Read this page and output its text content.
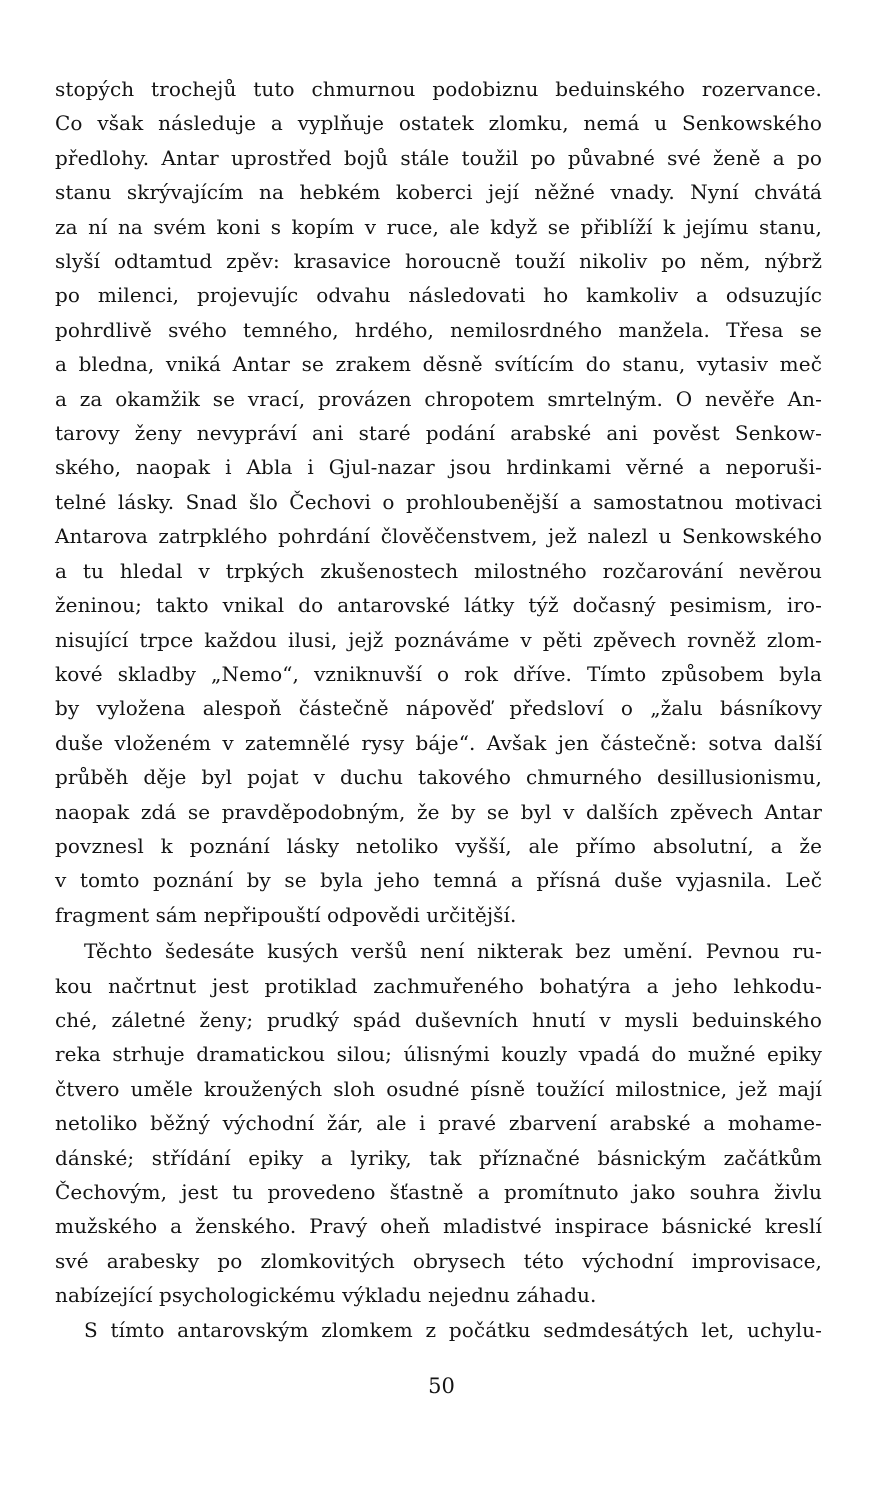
stopých trochejů tuto chmurnou podobiznu beduinského rozervance.

Co však následuje a vyplňuje ostatek zlomku, nemá u Senkowského

předlohy. Antar uprostřed bojů stále toužil po půvabné své ženě a po

stanu skrývajícím na hebkém koberci její něžné vnady. Nyní chvátá

za ní na svém koni s kopím v ruce, ale když se přiblíží k jejímu stanu,

slyší odtamtud zpěv: krasavice horoucně touží nikoliv po něm, nýbrž

po milenci, projevujíc odvahu následovati ho kamkoliv a odsuzujíc

pohrdlivě svého temného, hrdého, nemilosrdného manžela. Třesa se

a bledna, vniká Antar se zrakem děsně svítícím do stanu, vytasiv meč

a za okamžik se vrací, provázen chropotem smrtelným. O nevěře An-

tarovy ženy nevypráví ani staré podání arabské ani pověst Senkow-

ského, naopak i Abla i Gjul-nazar jsou hrdinkami věrné a neporuši-

telné lásky. Snad šlo Čechovi o prohloubenější a samostatnou motivaci

Antarova zatrpklého pohrdání člověčenstvem, jež nalezl u Senkowského

a tu hledal v trpkých zkušenostech milostného rozčarování nevěrou

ženinou; takto vnikal do antarovské látky týž dočasný pesimism, iro-

nisující trpce každou ilusi, jejž poznáváme v pěti zpěvech rovněž zlom-

kové skladby „Nemo“, vzniknuvší o rok dříve. Tímto způsobem byla

by vyložena alespoň částečně nápověď předsloví o „žalu básníkovy

duše vloženém v zatemnělé rysy báje“. Avšak jen částečně: sotva další

průběh děje byl pojat v duchu takového chmurného desillusionismu,

naopak zdá se pravděpodobným, že by se byl v dalších zpěvech Antar

povznesl k poznání lásky netoliko vyšší, ale přímo absolutní, a že

v tomto poznání by se byla jeho temná a přísná duše vyjasnila. Leč

fragment sám nepřipouští odpovědi určitější.

Těchto šedesáte kusých veršů není nikterak bez umění. Pevnou ru-

kou načrtnut jest protiklad zachmuřeného bohatýra a jeho lehkodu-

ché, záletné ženy; prudký spád duševních hnutí v mysli beduinského

reka strhuje dramatickou silou; úlisnými kouzly vpadá do mužné epiky

čtvero uměle kroužených sloh osudné písně toužící milostnice, jež mají

netoliko běžný východní žár, ale i pravé zbarvení arabské a mohame-

dánské; střídání epiky a lyriky, tak příznačné básnickým začátkům

Čechovým, jest tu provedeno šťastně a promítnuto jako souhra živlu

mužského a ženského. Pravý oheň mladistvé inspirace básnické kreslí

své arabesky po zlomkovitých obrysech této východní improvisace,

nabízející psychologickému výkladu nejednu záhadu.

S tímto antarovským zlomkem z počátku sedmdesátých let, uchylu-

50
